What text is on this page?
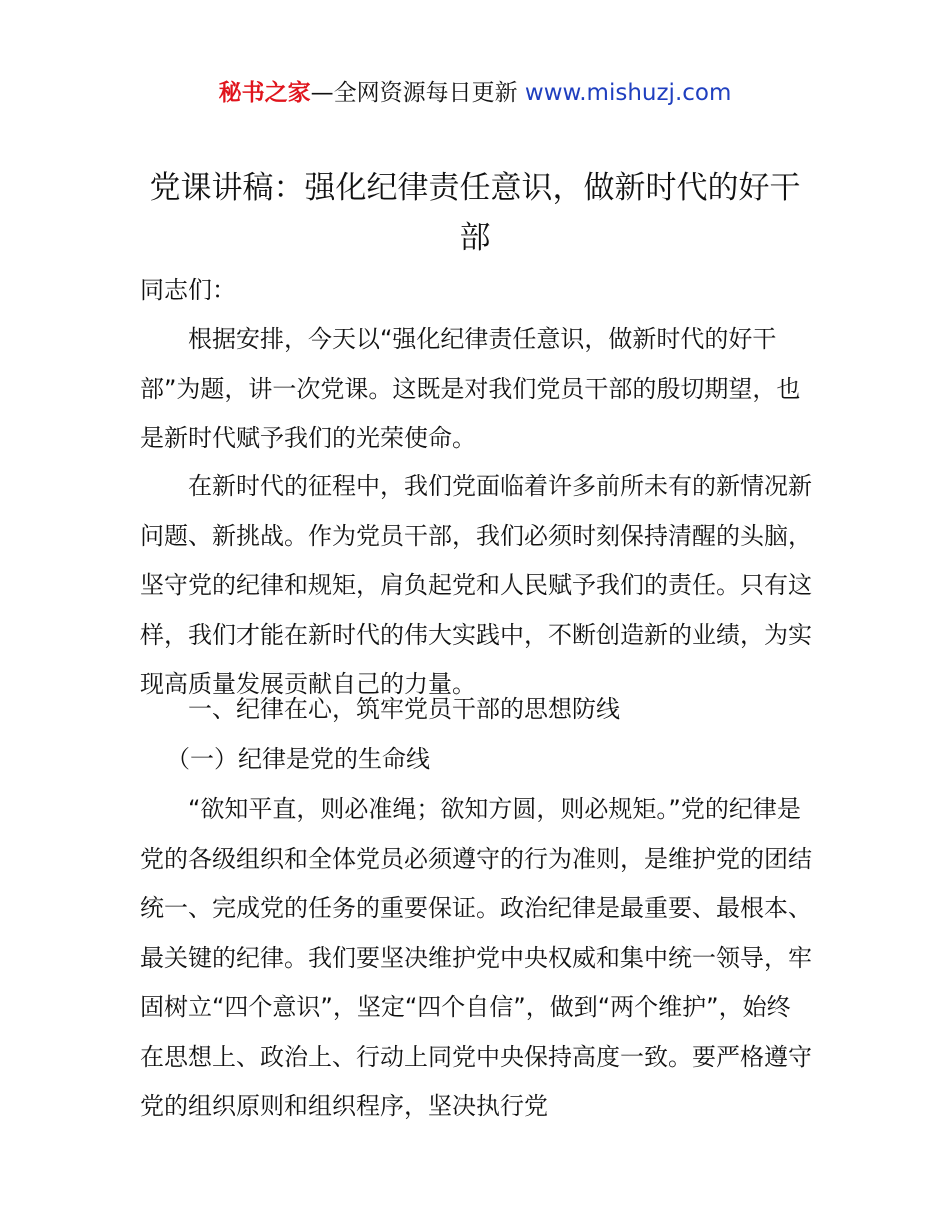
秘书之家—全网资源每日更新 www.mishuzj.com
党课讲稿：强化纪律责任意识，做新时代的好干部

同志们：

根据安排，今天以“强化纪律责任意识，做新时代的好干部”为题，讲一次党课。这既是对我们党员干部的殷切期望，也是新时代赋予我们的光荣使命。

在新时代的征程中，我们党面临着许多前所未有的新情况新问题、新挑战。作为党员干部，我们必须时刻保持清醒的头脑，坚守党的纪律和规矩，肩负起党和人民赋予我们的责任。只有这样，我们才能在新时代的伟大实践中，不断创造新的业绩，为实现高质量发展贡献自己的力量。

一、纪律在心，筑牢党员干部的思想防线

（一）纪律是党的生命线

“欲知平直，则必准绳；欲知方圆，则必规矩。”党的纪律是党的各级组织和全体党员必须遵守的行为准则，是维护党的团结统一、完成党的任务的重要保证。政治纪律是最重要、最根本、最关键的纪律。我们要坚决维护党中央权威和集中统一领导，牢固树立“四个意识”，坚定“四个自信”，做到“两个维护”，始终在思想上、政治上、行动上同党中央保持高度一致。要严格遵守党的组织原则和组织程序，坚决执行党
